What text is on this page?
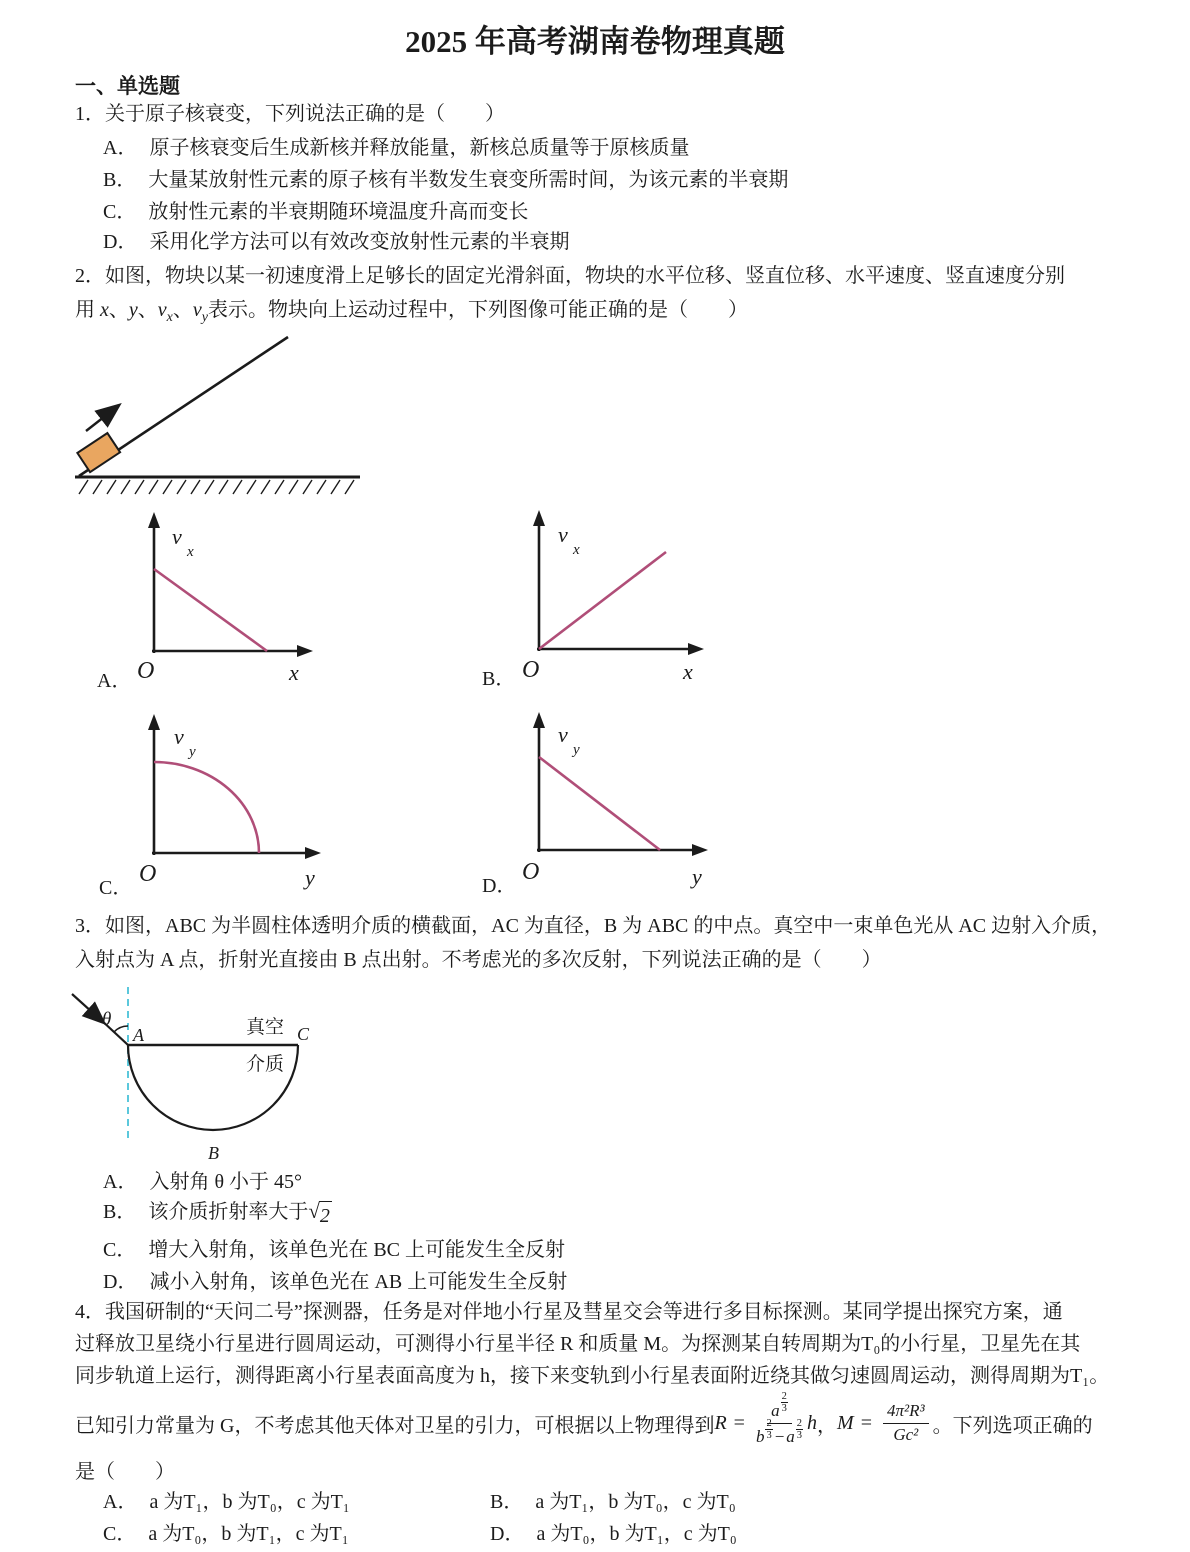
2025 年高考湖南卷物理真题
一、单选题
1．关于原子核衰变，下列说法正确的是（　　）
A． 原子核衰变后生成新核并释放能量，新核总质量等于原核质量
B． 大量某放射性元素的原子核有半数发生衰变所需时间，为该元素的半衰期
C． 放射性元素的半衰期随环境温度升高而变长
D． 采用化学方法可以有效改变放射性元素的半衰期
2．如图，物块以某一初速度滑上足够长的固定光滑斜面，物块的水平位移、竖直位移、水平速度、竖直速度分别
用 x、y、$v_x$、$v_y$表示。物块向上运动过程中，下列图像可能正确的是（　　）
v
x
O	x
A．
v
x
O	x
B．
v
y
O	y
C．
v
y
O	y
D．
3．如图，ABC 为半圆柱体透明介质的横截面，AC 为直径，B 为 ABC 的中点。真空中一束单色光从 AC 边射入介质，
入射点为 A 点，折射光直接由 B 点出射。不考虑光的多次反射，下列说法正确的是（　　）
θ
A	C
真空
介质
B
A． 入射角 θ 小于 45°
B． 该介质折射率大于 √ 2
C． 增大入射角，该单色光在 BC 上可能发生全反射
D． 减小入射角，该单色光在 AB 上可能发生全反射
4．我国研制的“天问二号”探测器，任务是对伴地小行星及彗星交会等进行多目标探测。某同学提出探究方案，通
过释放卫星绕小行星进行圆周运动，可测得小行星半径 R 和质量 M。为探测某自转周期为T₀的小行星，卫星先在其
同步轨道上运行，测得距离小行星表面高度为 h，接下来变轨到小行星表面附近绕其做匀速圆周运动，测得周期为T₁。
已知引力常量为 G，不考虑其他天体对卫星的引力，可根据以上物理得到 R = a
2
3
b
2
3 − a
2
3 h ， $M = \frac{\text{4π²R³}}{\text{Gc²}}$ 。下列选项正确的
是（　　）
A． a 为T₁，b 为T₀，c 为T₁	B． a 为T₁，b 为T₀，c 为T₀
C． a 为T₀，b 为T₁，c 为T₁	D． a 为T₀，b 为T₁，c 为T₀
